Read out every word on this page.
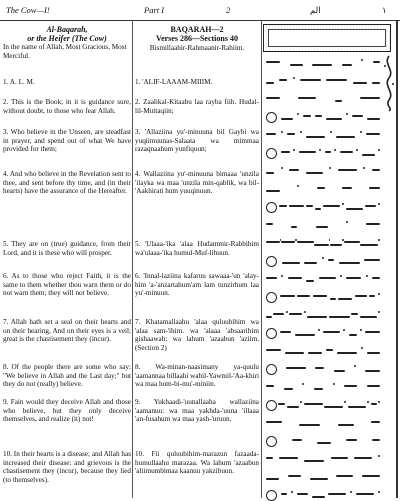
The Cow—I!	Part I	2	الم	١
Al-Baqarah,
or the Heifer (The Cow)
In the name of Allah, Most Gracious, Most Merciful.
1. A. L. M.
2. This is the Book; in it is guidance sure, without doubt, to those who fear Allah.
3. Who believe in the Unseen, are steadfast in prayer, and spend out of what We have provided for them;
4. And who believe in the Revelation sent to thee, and sent before thy time, and (in their hearts) have the assurance of the Hereafter.
5. They are on (true) guidance, from their Lord, and it is these who will prosper.
6. As to those who reject Faith, it is the same to them whether thou warn them or do not warn them; they will not believe.
7. Allah hath set a seal on their hearts and on their hearing, And on their eyes is a veil; great is the chastisement they (incur).
8. Of the people there are some who say: "We believe in Allah and the Last day;" but they do not (really) believe.
9. Fain would they deceive Allah and those who believe, but they only deceive themselves, and realize (it) not!
10. In their hearts is a disease; and Allah has increased their disease: and grievous is the chastisement they (incur), because they lied (to themselves).
BAQARAH—2
Verses 286—Sections 40
Bismillaahir-Rahmaanir-Rahiim.
1. 'ALIF-LAAAM-MIIIM.
2. Zaalikal-Kitaabu laa rayba fiih. Hudal-lil-Muttaqiin;
3. 'Allaziina yu'-minuuna bil Gaybi wa yuqiimuunas-Salaata wa mimmaa razaqnaahum yunfiquun;
4. Wallaziina yu'-minuuna bimaaa 'unzila 'ilayka wa maa 'unzila min-qablik, wa bil-'Aakhirati hum yuuqinuun.
5. 'Ulaaa-'ika 'alaa Hudammir-Rabbihim wa'ulaaa-'ika humul-Muf-lihuun.
6. 'Innal-laziina kafaruu sawaaa-'un 'alay-him 'a-'anzartahum'am lam tunzirhum laa yu'-minuun.
7. Khatamallaahu 'alaa quluubihim wa 'alaa sam-'ihim. wa 'alaaa 'absaarihim gishaawah; wa lahum 'azaabun 'aziim. (Section 2)
8. Wa-minan-naasimany ya-quulu 'aamannaa billaahi wabil-Yawmil-'Aa-khiri wa maa hum-bi-mu'-miniin.
9. Yukhaadi-'uunallaaha wallaziina 'aamanuu: wa maa yakhda-'uuna 'illaaa 'an-fusahum wa maa yash-'uruun.
10. Fii quluubihim-marazun fazaada-humullaahu marazaa. Wa lahum 'azaabun 'aliimumbimaa kaanuu yakzibuun.
